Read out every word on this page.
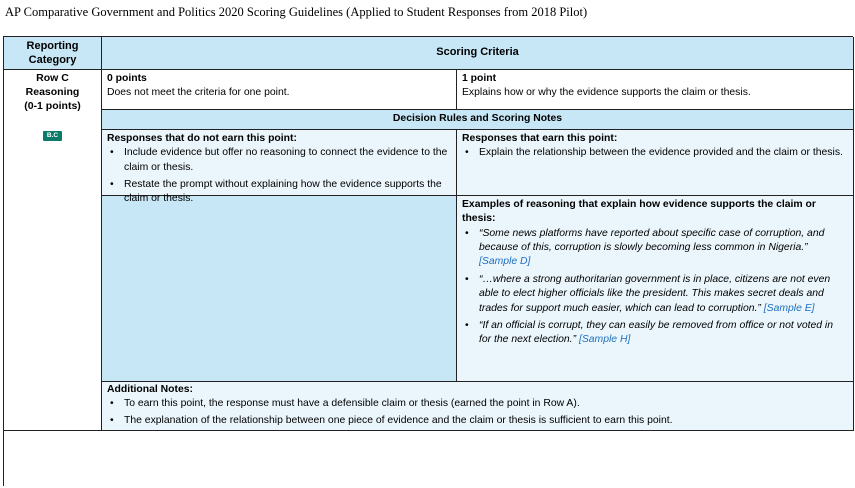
AP Comparative Government and Politics 2020 Scoring Guidelines (Applied to Student Responses from 2018 Pilot)
Reporting Category
Scoring Criteria
Row C
Reasoning
(0-1 points)
B.C
0 points
Does not meet the criteria for one point.
1 point
Explains how or why the evidence supports the claim or thesis.
Decision Rules and Scoring Notes
Responses that do not earn this point:
• Include evidence but offer no reasoning to connect the evidence to the claim or thesis.
• Restate the prompt without explaining how the evidence supports the claim or thesis.
Responses that earn this point:
• Explain the relationship between the evidence provided and the claim or thesis.
Examples of reasoning that explain how evidence supports the claim or thesis:
• “Some news platforms have reported about specific case of corruption, and because of this, corruption is slowly becoming less common in Nigeria.” [Sample D]
• “…where a strong authoritarian government is in place, citizens are not even able to elect higher officials like the president. This makes secret deals and trades for support much easier, which can lead to corruption.” [Sample E]
• “If an official is corrupt, they can easily be removed from office or not voted in for the next election.” [Sample H]
Additional Notes:
• To earn this point, the response must have a defensible claim or thesis (earned the point in Row A).
• The explanation of the relationship between one piece of evidence and the claim or thesis is sufficient to earn this point.
